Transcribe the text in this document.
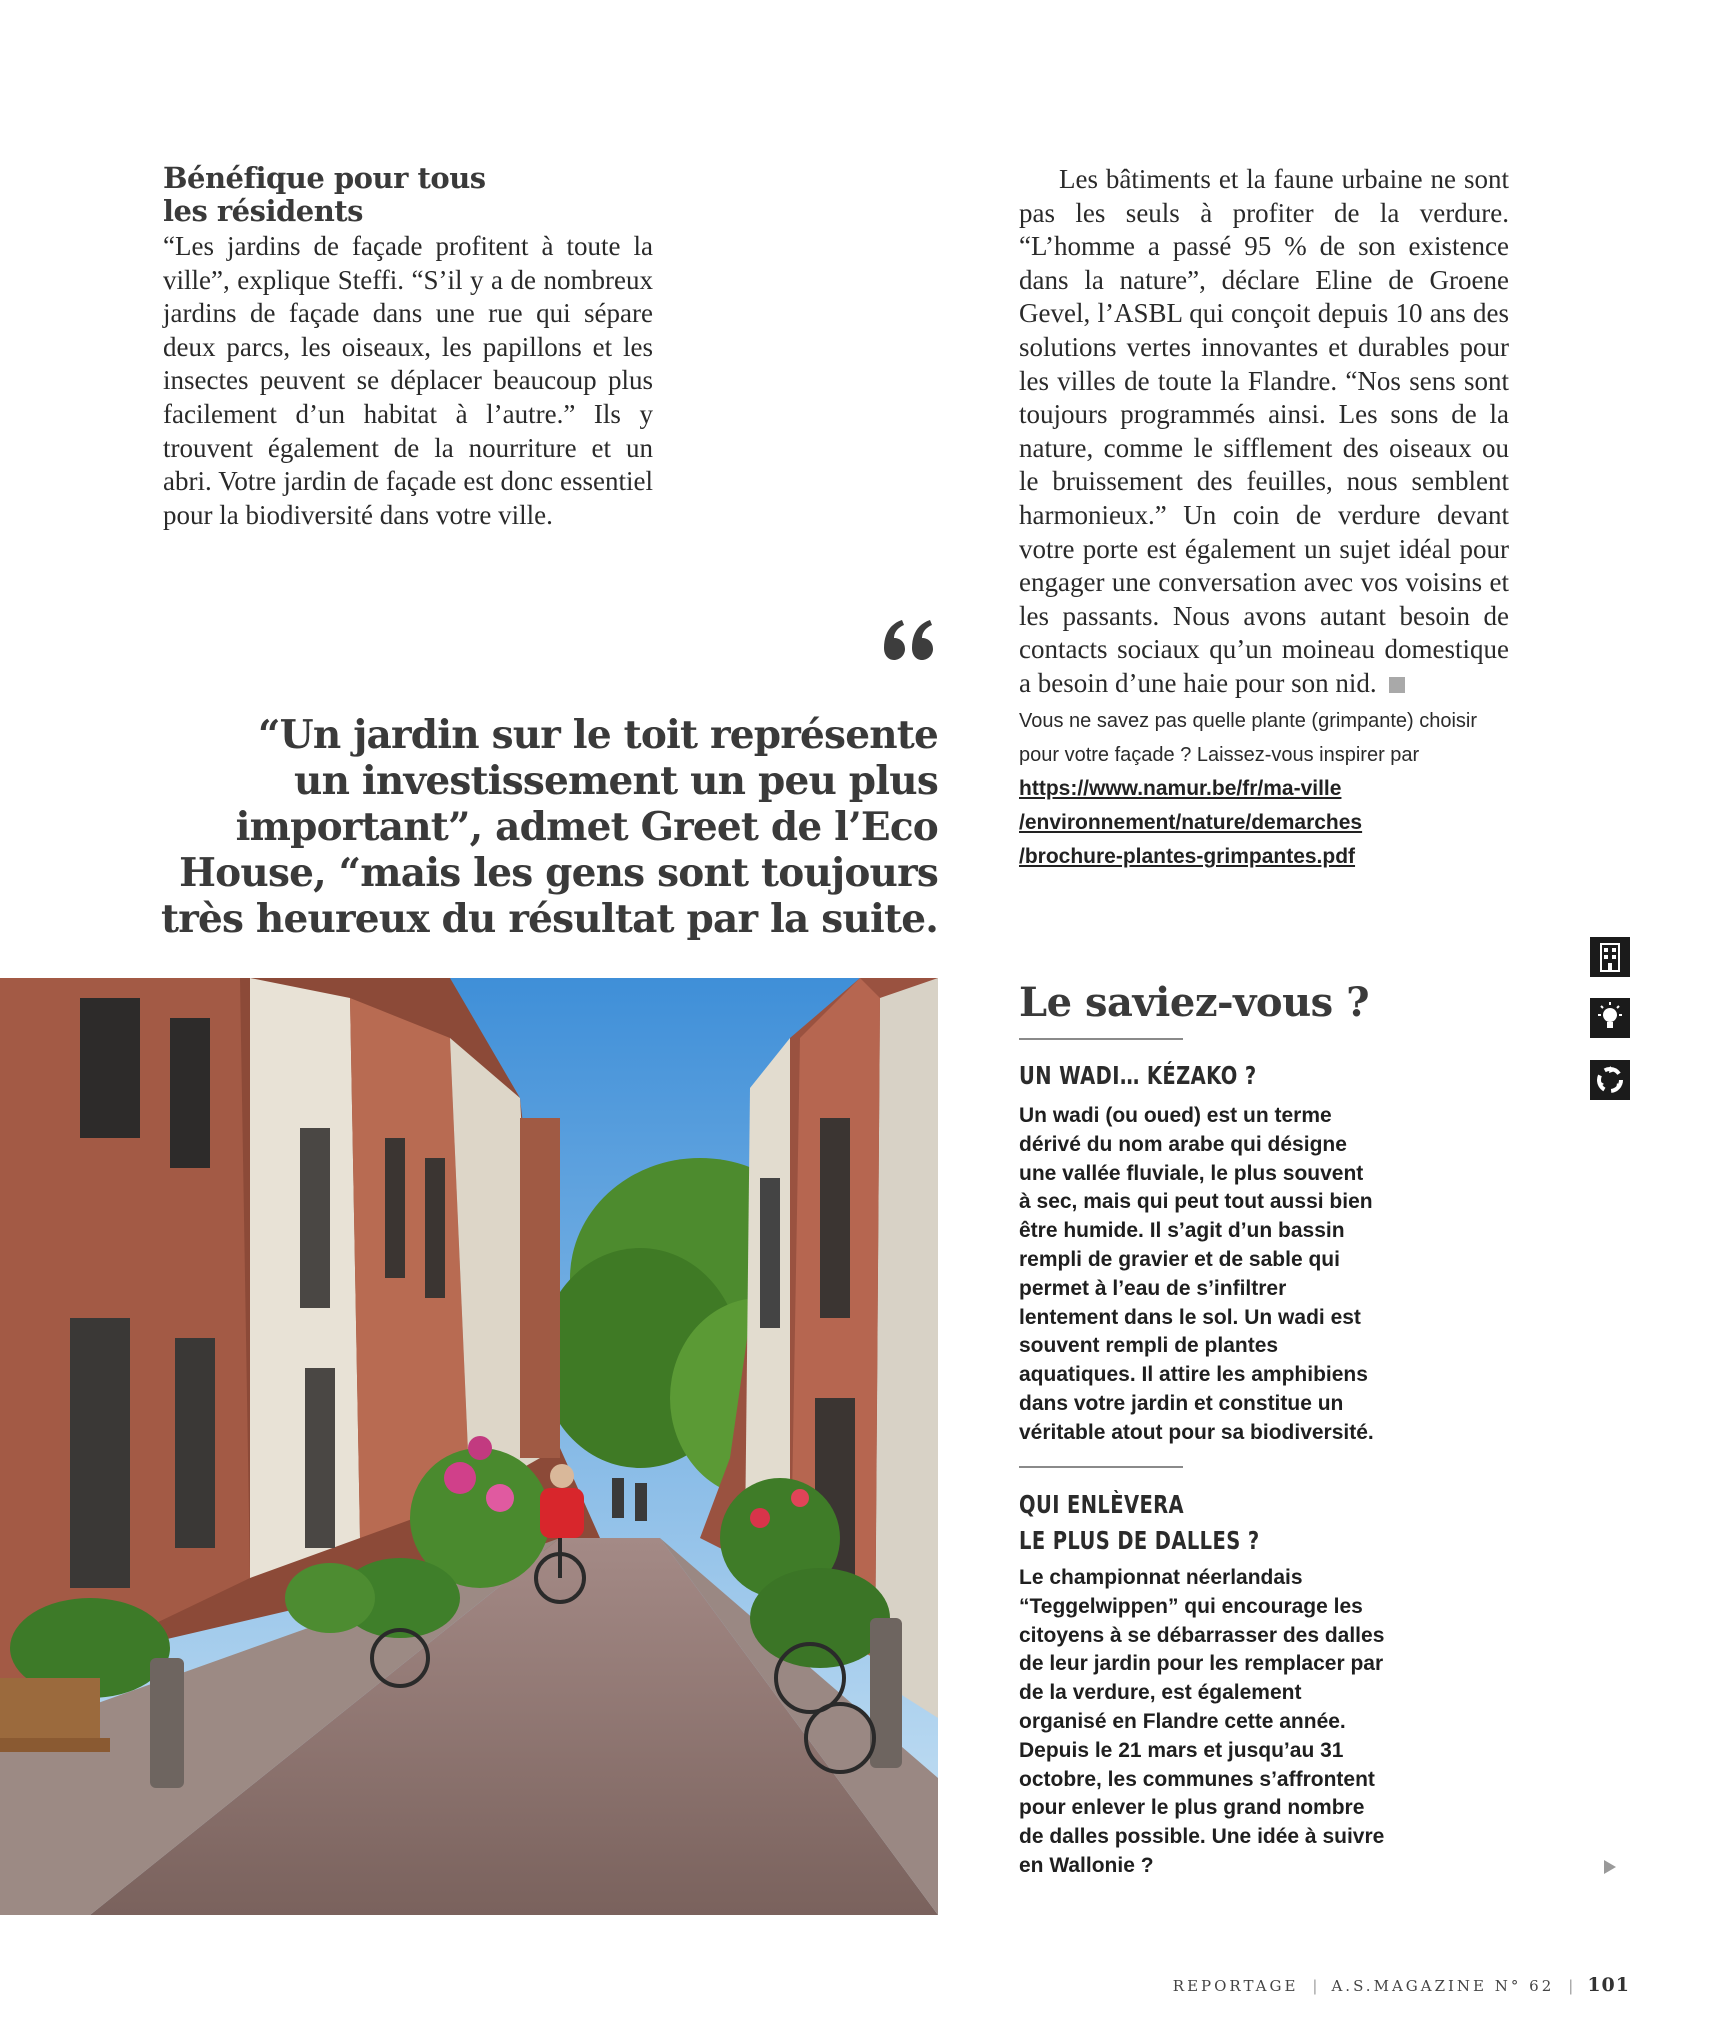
Bénéfique pour tous
les résidents

“Les jardins de façade profitent à toute la ville”, explique Steffi. “S’il y a de nombreux jardins de façade dans une rue qui sépare deux parcs, les oiseaux, les papillons et les insectes peuvent se déplacer beaucoup plus facilement d’un habitat à l’autre.” Ils y trouvent également de la nourriture et un abri. Votre jardin de façade est donc essentiel pour la biodiversité dans votre ville.

Les bâtiments et la faune urbaine ne sont pas les seuls à profiter de la verdure. “L’homme a passé 95 % de son existence dans la nature”, déclare Eline de Groene Gevel, l’ASBL qui conçoit depuis 10 ans des solutions vertes innovantes et durables pour les villes de toute la Flandre. “Nos sens sont toujours programmés ainsi. Les sons de la nature, comme le sifflement des oiseaux ou le bruissement des feuilles, nous semblent harmonieux.” Un coin de verdure devant votre porte est également un sujet idéal pour engager une conversation avec vos voisins et les passants. Nous avons autant besoin de contacts sociaux qu’un moineau domestique a besoin d’une haie pour son nid.

Vous ne savez pas quelle plante (grimpante) choisir pour votre façade ? Laissez-vous inspirer par
https://www.namur.be/fr/ma-ville
/environnement/nature/demarches
/brochure-plantes-grimpantes.pdf
“Un jardin sur le toit représente
un investissement un peu plus
important”, admet Greet de l’Eco
House, “mais les gens sont toujours
très heureux du résultat par la suite.
Le saviez-vous ?
UN WADI… KÉZAKO ?

Un wadi (ou oued) est un terme dérivé du nom arabe qui désigne une vallée fluviale, le plus souvent à sec, mais qui peut tout aussi bien être humide. Il s’agit d’un bassin rempli de gravier et de sable qui permet à l’eau de s’infiltrer lentement dans le sol. Un wadi est souvent rempli de plantes aquatiques. Il attire les amphibiens dans votre jardin et constitue un véritable atout pour sa biodiversité.

QUI ENLÈVERA
LE PLUS DE DALLES ?

Le championnat néerlandais “Teggelwippen” qui encourage les citoyens à se débarrasser des dalles de leur jardin pour les remplacer par de la verdure, est également organisé en Flandre cette année. Depuis le 21 mars et jusqu’au 31 octobre, les communes s’affrontent pour enlever le plus grand nombre de dalles possible. Une idée à suivre en Wallonie ?

REPORTAGE | A.S.MAGAZINE N° 62 | 101
